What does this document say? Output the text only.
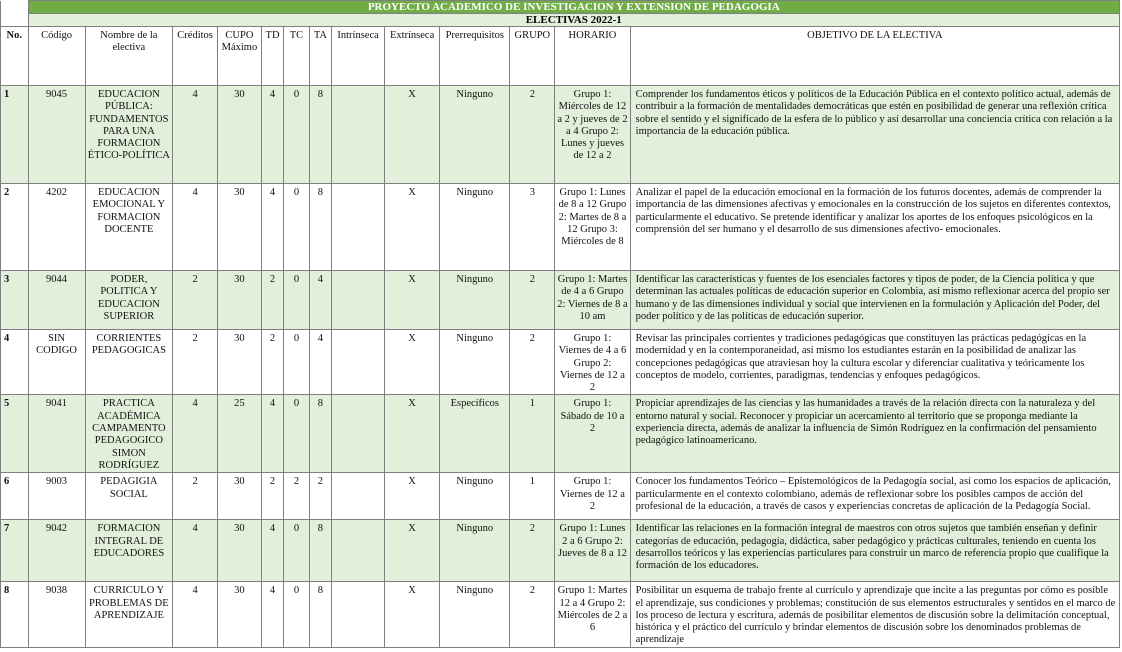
	PROYECTO ACADEMICO DE INVESTIGACION Y EXTENSION DE PEDAGOGIA												
	ELECTIVAS 2022-1												
No.	Código	Nombre de la electiva	Créditos	CUPO Máximo	TD	TC	TA	Intrínseca	Extrínseca	Prerrequisitos	GRUPO	HORARIO	OBJETIVO DE LA ELECTIVA
1	9045	EDUCACION PÚBLICA: FUNDAMENTOS PARA UNA FORMACION ÉTICO-POLÍTICA	4	30	4	0	8		X	Ninguno	2	Grupo 1: Miércoles de 12 a 2 y jueves de 2 a 4 Grupo 2: Lunes y jueves de 12 a 2	Comprender los fundamentos éticos y políticos de la Educación Pública en el contexto político actual, además de contribuir a la formación de mentalidades democráticas que estén en posibilidad de generar una reflexión crítica sobre el sentido y el significado de la esfera de lo público y así desarrollar una conciencia crítica con relación a la importancia de la educación pública.
2	4202	EDUCACION EMOCIONAL Y FORMACION DOCENTE	4	30	4	0	8		X	Ninguno	3	Grupo 1: Lunes de 8 a 12 Grupo 2: Martes de 8 a 12 Grupo 3: Miércoles de 8	Analizar el papel de la educación emocional en la formación de los futuros docentes, además de comprender la importancia de las dimensiones afectivas y emocionales en la construcción de los sujetos en diferentes contextos, particularmente el educativo. Se pretende identificar y analizar los aportes de los enfoques psicológicos en la comprensión del ser humano y el desarrollo de sus dimensiones afectivo- emocionales.
3	9044	PODER, POLITICA Y EDUCACION SUPERIOR	2	30	2	0	4		X	Ninguno	2	Grupo 1: Martes de 4 a 6 Grupo 2: Viernes de 8 a 10 am	Identificar las características y fuentes de los esenciales factores y tipos de poder, de la Ciencia política y que determinan las actuales políticas de educación superior en Colombia, así mismo reflexionar acerca del propio ser humano y de las dimensiones individual y social que intervienen en la formulación y Aplicación del Poder, del poder político y de las políticas de educación superior.
4	SIN CODIGO	CORRIENTES PEDAGOGICAS	2	30	2	0	4		X	Ninguno	2	Grupo 1: Viernes de 4 a 6 Grupo 2: Viernes de 12 a 2	Revisar las principales corrientes y tradiciones pedagógicas que constituyen las prácticas pedagógicas en la modernidad y en la contemporaneidad, así mismo los estudiantes estarán en la posibilidad de analizar las concepciones pedagógicas que atraviesan hoy la cultura escolar y diferenciar cualitativa y teóricamente los conceptos de modelo, corrientes, paradigmas, tendencias y enfoques pedagógicos.
5	9041	PRACTICA ACADÉMICA CAMPAMENTO PEDAGOGICO SIMON RODRÍGUEZ	4	25	4	0	8		X	Específicos	1	Grupo 1: Sábado de 10 a 2	Propiciar aprendizajes de las ciencias y las humanidades a través de la relación directa con la naturaleza y del entorno natural y social. Reconocer y propiciar un acercamiento al territorio que se proponga mediante la experiencia directa, además de analizar la influencia de Simón Rodríguez en la confirmación del pensamiento pedagógico latinoamericano.
6	9003	PEDAGIGIA SOCIAL	2	30	2	2	2		X	Ninguno	1	Grupo 1: Viernes de 12 a 2	Conocer los fundamentos Teórico – Epistemológicos de la Pedagogía social, así como los espacios de aplicación, particularmente en el contexto colombiano, además de reflexionar sobre los posibles campos de acción del profesional de la educación, a través de casos y experiencias concretas de aplicación de la Pedagogía Social.
7	9042	FORMACION INTEGRAL DE EDUCADORES	4	30	4	0	8		X	Ninguno	2	Grupo 1: Lunes 2 a 6 Grupo 2: Jueves de 8 a 12	Identificar las relaciones en la formación integral de maestros con otros sujetos que también enseñan y definir categorías de educación, pedagogía, didáctica, saber pedagógico y prácticas culturales, teniendo en cuenta los desarrollos teóricos y las experiencias particulares para construir un marco de referencia propio que cualifique la formación de los educadores.
8	9038	CURRICULO Y PROBLEMAS DE APRENDIZAJE	4	30	4	0	8		X	Ninguno	2	Grupo 1: Martes 12 a 4 Grupo 2: Miércoles de 2 a 6	Posibilitar un esquema de trabajo frente al currículo y aprendizaje que incite a las preguntas por cómo es posible el aprendizaje, sus condiciones y problemas; constitución de sus elementos estructurales y sentidos en el marco de los proceso de lectura y escritura, además de posibilitar elementos de discusión sobre la delimitación conceptual, histórica y el práctico del currículo y brindar elementos de discusión sobre los denominados problemas de aprendizaje
